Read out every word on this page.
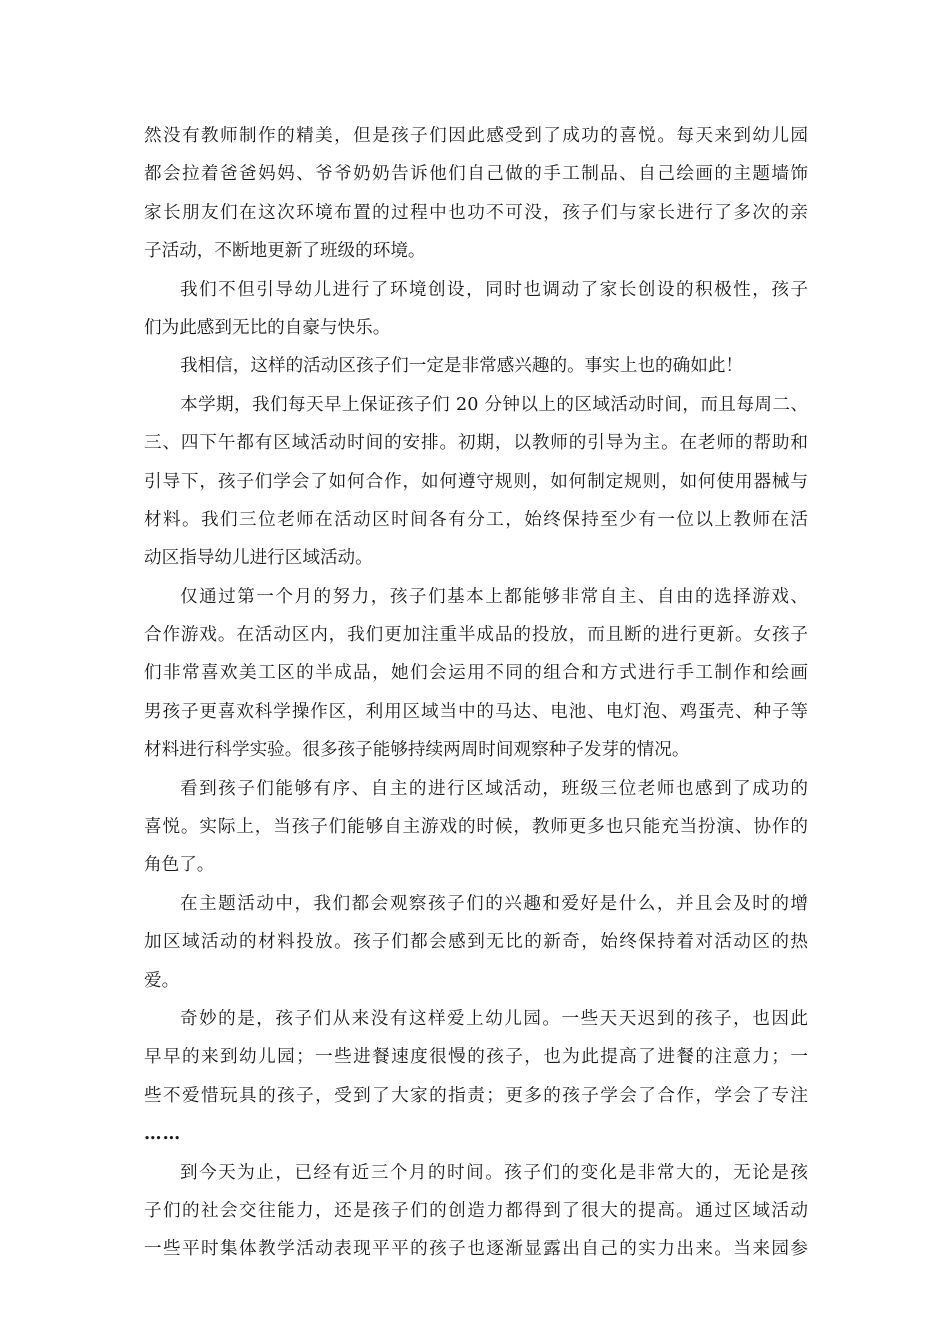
然没有教师制作的精美，但是孩子们因此感受到了成功的喜悦。每天来到幼儿园
都会拉着爸爸妈妈、爷爷奶奶告诉他们自己做的手工制品、自己绘画的主题墙饰
家长朋友们在这次环境布置的过程中也功不可没，孩子们与家长进行了多次的亲
子活动，不断地更新了班级的环境。
我们不但引导幼儿进行了环境创设，同时也调动了家长创设的积极性，孩子
们为此感到无比的自豪与快乐。
我相信，这样的活动区孩子们一定是非常感兴趣的。事实上也的确如此！
本学期，我们每天早上保证孩子们 20 分钟以上的区域活动时间，而且每周二、
三、四下午都有区域活动时间的安排。初期，以教师的引导为主。在老师的帮助和
引导下，孩子们学会了如何合作，如何遵守规则，如何制定规则，如何使用器械与
材料。我们三位老师在活动区时间各有分工，始终保持至少有一位以上教师在活
动区指导幼儿进行区域活动。
仅通过第一个月的努力，孩子们基本上都能够非常自主、自由的选择游戏、
合作游戏。在活动区内，我们更加注重半成品的投放，而且断的进行更新。女孩子
们非常喜欢美工区的半成品，她们会运用不同的组合和方式进行手工制作和绘画
男孩子更喜欢科学操作区，利用区域当中的马达、电池、电灯泡、鸡蛋壳、种子等
材料进行科学实验。很多孩子能够持续两周时间观察种子发芽的情况。
看到孩子们能够有序、自主的进行区域活动，班级三位老师也感到了成功的
喜悦。实际上，当孩子们能够自主游戏的时候，教师更多也只能充当扮演、协作的
角色了。
在主题活动中，我们都会观察孩子们的兴趣和爱好是什么，并且会及时的增
加区域活动的材料投放。孩子们都会感到无比的新奇，始终保持着对活动区的热
爱。
奇妙的是，孩子们从来没有这样爱上幼儿园。一些天天迟到的孩子，也因此
早早的来到幼儿园；一些进餐速度很慢的孩子，也为此提高了进餐的注意力；一
些不爱惜玩具的孩子，受到了大家的指责；更多的孩子学会了合作，学会了专注
……
到今天为止，已经有近三个月的时间。孩子们的变化是非常大的，无论是孩
子们的社会交往能力，还是孩子们的创造力都得到了很大的提高。通过区域活动
一些平时集体教学活动表现平平的孩子也逐渐显露出自己的实力出来。当来园参
